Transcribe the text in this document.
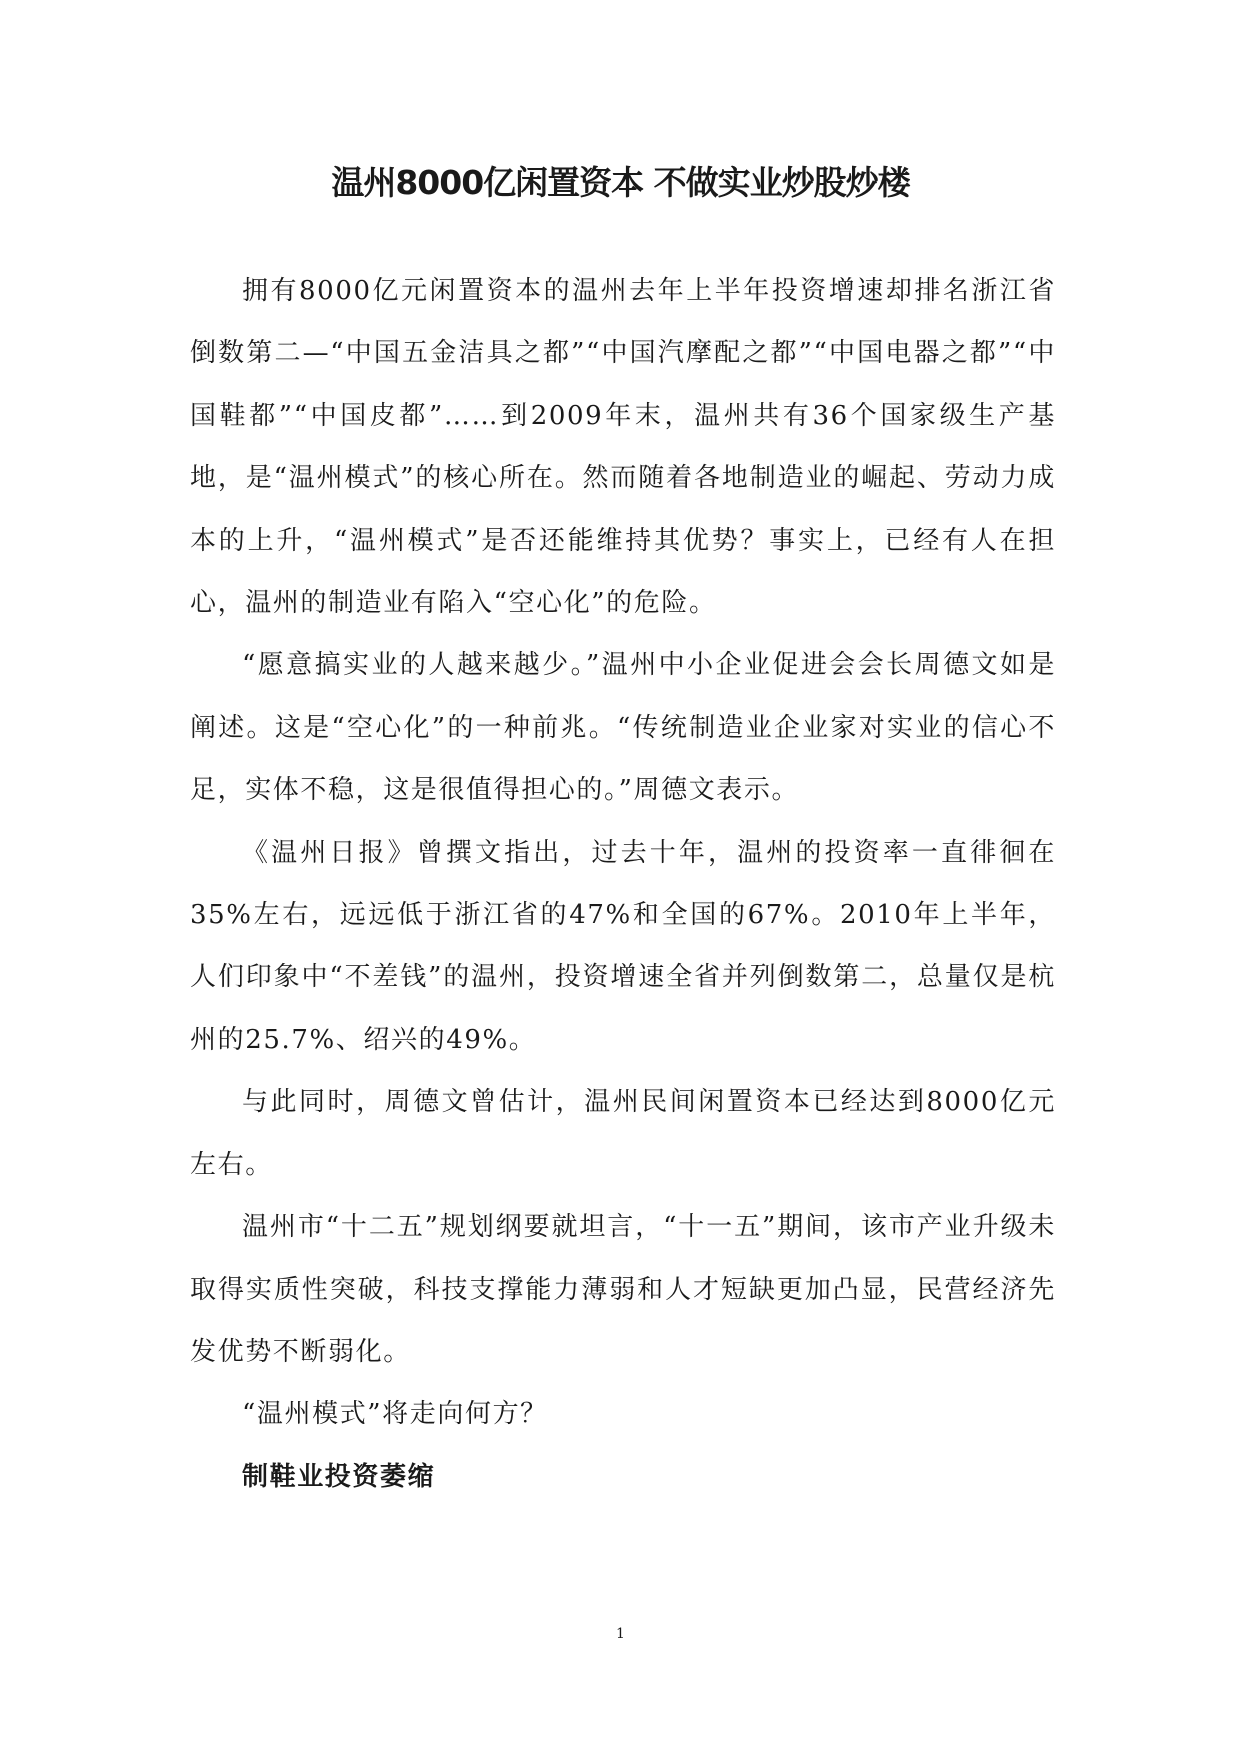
温州8000亿闲置资本 不做实业炒股炒楼

拥有8000亿元闲置资本的温州去年上半年投资增速却排名浙江省倒数第二—“中国五金洁具之都”“中国汽摩配之都”“中国电器之都”“中国鞋都”“中国皮都”……到2009年末，温州共有36个国家级生产基地，是“温州模式”的核心所在。然而随着各地制造业的崛起、劳动力成本的上升，“温州模式”是否还能维持其优势？事实上，已经有人在担心，温州的制造业有陷入“空心化”的危险。

“愿意搞实业的人越来越少。”温州中小企业促进会会长周德文如是阐述。这是“空心化”的一种前兆。“传统制造业企业家对实业的信心不足，实体不稳，这是很值得担心的。”周德文表示。

《温州日报》曾撰文指出，过去十年，温州的投资率一直徘徊在35%左右，远远低于浙江省的47%和全国的67%。2010年上半年，人们印象中“不差钱”的温州，投资增速全省并列倒数第二，总量仅是杭州的25.7%、绍兴的49%。

与此同时，周德文曾估计，温州民间闲置资本已经达到8000亿元左右。

温州市“十二五”规划纲要就坦言，“十一五”期间，该市产业升级未取得实质性突破，科技支撑能力薄弱和人才短缺更加凸显，民营经济先发优势不断弱化。

“温州模式”将走向何方？

制鞋业投资萎缩

1
